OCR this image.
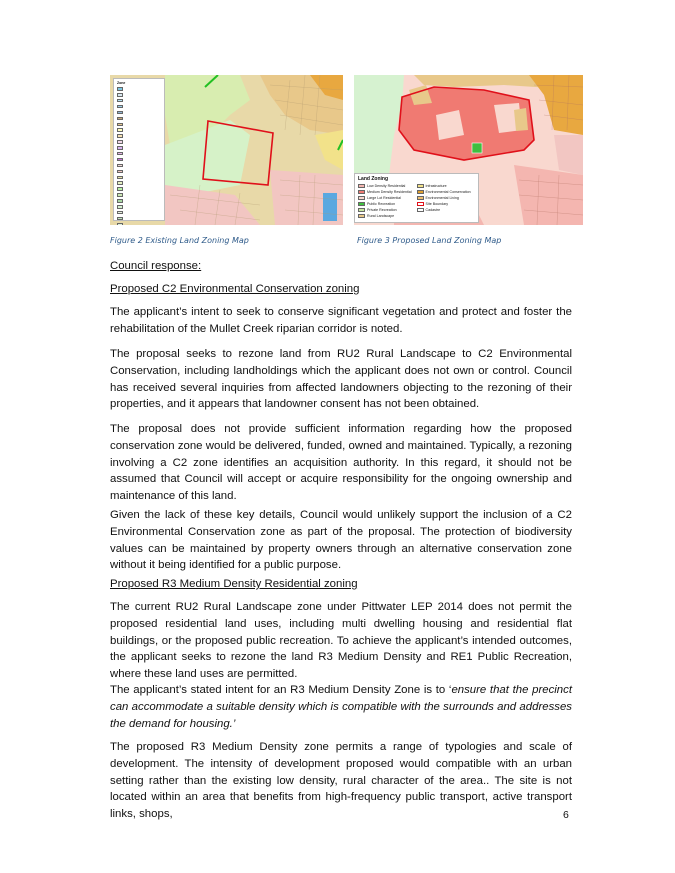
Zone
Figure 2 Existing Land Zoning Map
Land Zoning
Low Density Residential
Medium Density Residential
Large Lot Residential
Public Recreation
Private Recreation
Rural Landscape
Infrastructure
Environmental Conservation
Environmental Living
Site Boundary
Cadastre
Figure 3 Proposed Land Zoning Map

Council response:

Proposed C2 Environmental Conservation zoning

The applicant’s intent to seek to conserve significant vegetation and protect and foster the rehabilitation of the Mullet Creek riparian corridor is noted.

The proposal seeks to rezone land from RU2 Rural Landscape to C2 Environmental Conservation, including landholdings which the applicant does not own or control. Council has received several inquiries from affected landowners objecting to the rezoning of their properties, and it appears that landowner consent has not been obtained.

The proposal does not provide sufficient information regarding how the proposed conservation zone would be delivered, funded, owned and maintained. Typically, a rezoning involving a C2 zone identifies an acquisition authority. In this regard, it should not be assumed that Council will accept or acquire responsibility for the ongoing ownership and maintenance of this land.

Given the lack of these key details, Council would unlikely support the inclusion of a C2 Environmental Conservation zone as part of the proposal. The protection of biodiversity values can be maintained by property owners through an alternative conservation zone without it being identified for a public purpose.

Proposed R3 Medium Density Residential zoning

The current RU2 Rural Landscape zone under Pittwater LEP 2014 does not permit the proposed residential land uses, including multi dwelling housing and residential flat buildings, or the proposed public recreation. To achieve the applicant’s intended outcomes, the applicant seeks to rezone the land R3 Medium Density and RE1 Public Recreation, where these land uses are permitted.

The applicant’s stated intent for an R3 Medium Density Zone is to ‘ensure that the precinct can accommodate a suitable density which is compatible with the surrounds and addresses the demand for housing.’

The proposed R3 Medium Density zone permits a range of typologies and scale of development. The intensity of development proposed would compatible with an urban setting rather than the existing low density, rural character of the area.. The site is not located within an area that benefits from high-frequency public transport, active transport links, shops,	6
